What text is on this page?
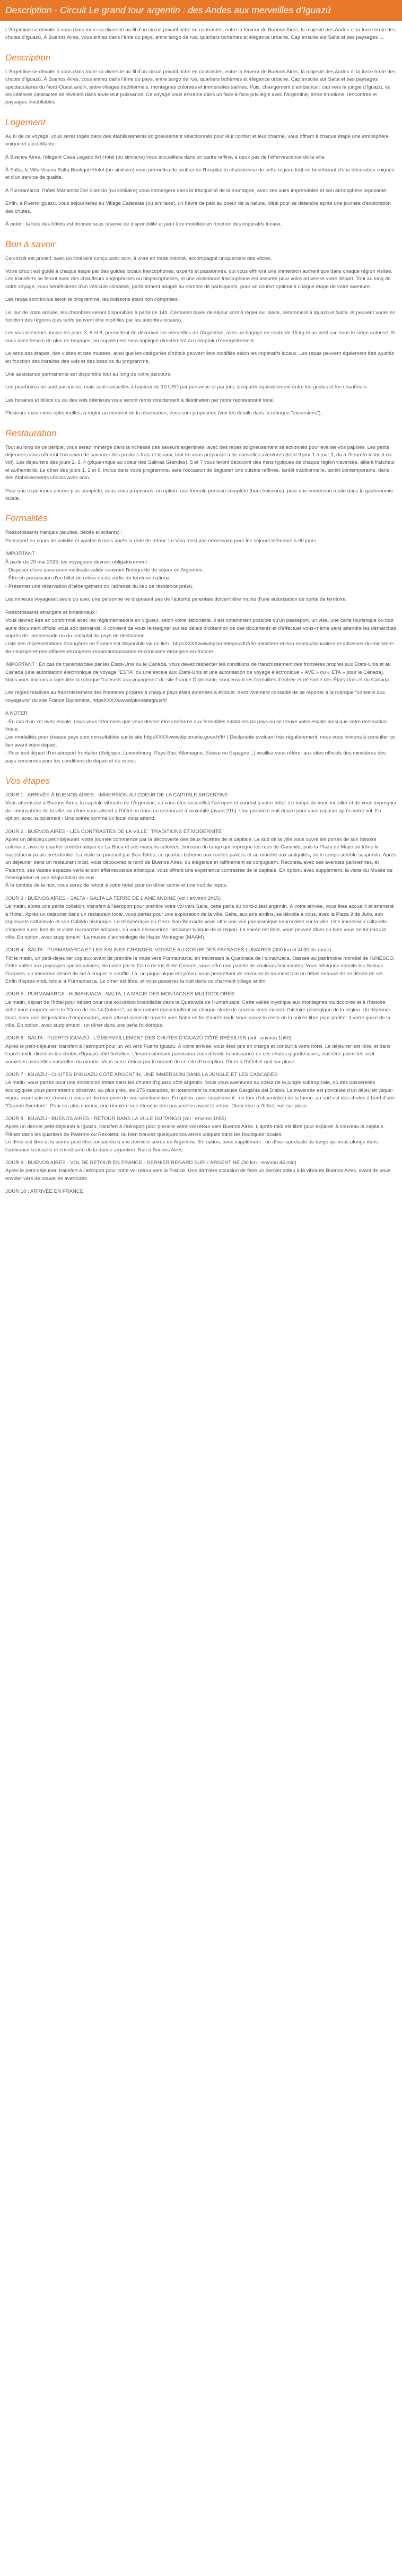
Description - Circuit Le grand tour argentin : des Andes aux merveilles d'Iguazú

L'Argentine se dévoile à vous dans toute sa diversité au fil d'un circuit privatif riche en contrastes, entre la ferveur de Buenos Aires, la majesté des Andes et la force brute des chutes d'Iguazú. À Buenos Aires, vous entrez dans l'âme du pays, entre tango de rue, quartiers bohèmes et élégance urbaine. Cap ensuite sur Salta et ses paysages ...

Description

L'Argentine se dévoile à vous dans toute sa diversité au fil d'un circuit privatif riche en contrastes, entre la ferveur de Buenos Aires, la majesté des Andes et la force brute des chutes d'Iguazú. À Buenos Aires, vous entrez dans l'âme du pays, entre tango de rue, quartiers bohèmes et élégance urbaine. Cap ensuite sur Salta et ses paysages spectaculaires du Nord-Ouest andin, entre villages traditionnels, montagnes colorées et immensités salines. Puis, changement d'ambiance : cap vers la jungle d'Iguazú, où les célèbres cataractes se révèlent dans toute leur puissance. Ce voyage vous entraîne dans un face-à-face privilégié avec l'Argentine, entre émotions, rencontres et paysages inoubliables.

Logement

Au fil de ce voyage, vous serez logés dans des établissements soigneusement sélectionnés pour leur confort et leur charme, vous offrant à chaque étape une atmosphère unique et accueillante.

À Buenos Aires, l'élégant Casa Legado Art Hotel (ou similaire) vous accueillera dans un cadre raffiné, à deux pas de l'effervescence de la ville.

À Salta, le Villa Vicuna Salta Boutique Hotel (ou similaire) vous permettra de profiter de l'hospitalité chaleureuse de cette région, tout en bénéficiant d'une décoration soignée et d'un service de qualité.

À Purmamarca, l'hôtel Manantial Del Silencio (ou similaire) vous immergera dans la tranquillité de la montagne, avec ses vues imprenables et son atmosphère reposante.

Enfin, à Puerto Iguazú, vous séjournerez au Village Cataratas (ou similaire), un havre de paix au coeur de la nature, idéal pour se détendre après une journée d'exploration des chutes.

À noter : la liste des hôtels est donnée sous réserve de disponibilité et peut être modifiée en fonction des impératifs locaux.

Bon à savoir

Ce circuit est privatif, avec un itinéraire conçu avec soin, à vivre en toute intimité, accompagné uniquement des vôtres.

Votre circuit est guidé à chaque étape par des guides locaux francophones, experts et passionnés, qui vous offriront une immersion authentique dans chaque région visitée. Les transferts se feront avec des chauffeurs anglophones ou hispanophones, et une assistance francophone est assurée pour votre arrivée et votre départ. Tout au long de votre voyage, vous bénéficierez d'un véhicule climatisé, parfaitement adapté au nombre de participants, pour un confort optimal à chaque étape de votre aventure.

Les repas sont inclus selon le programme, les boissons étant non comprises.

Le jour de votre arrivée, les chambres seront disponibles à partir de 14h. Certaines taxes de séjour sont à régler sur place, notamment à Iguazú et Salta, et peuvent varier en fonction des régions (ces tarifs peuvent être modifiés par les autorités locales).

Les vols intérieurs, inclus les jours 3, 6 et 8, permettent de découvrir les merveilles de l'Argentine, avec un bagage en soute de 15 kg et un petit sac sous le siège autorisé. Si vous avez besoin de plus de bagages, un supplément sera appliqué directement au comptoir d'enregistrement.

Le sens des étapes, des visites et des musées, ainsi que les catégories d'hôtels peuvent être modifiés selon les impératifs locaux. Les repas peuvent également être ajustés en fonction des horaires des vols et des besoins du programme.

Une assistance permanente est disponible tout au long de votre parcours.

Les pourboires ne sont pas inclus, mais sont conseillés à hauteur de 10 USD par personne et par jour, à répartir équitablement entre les guides et les chauffeurs.

Les horaires et billets du ou des vols intérieurs vous seront remis directement à destination par notre représentant local.

Plusieurs excursions optionnelles, à régler au moment de la réservation, vous sont proposées (voir les détails dans la rubrique "excursions").

Restauration

Tout au long de ce périple, vous serez immergé dans la richesse des saveurs argentines, avec des repas soigneusement sélectionnés pour éveiller vos papilles. Les petits déjeuners vous offriront l'occasion de savourer des produits frais et locaux, tout en vous préparant à de nouvelles aventures (total 9 jour 1 à jour 3, du à l'heure/à-instinct du vol). Les déjeuners des jours 2, 3, 4 (pique-nique au coeur des Salinas Grandes), 5 et 7 vous feront découvrir des mets typiques de chaque région traversée, alliant fraîcheur et authenticité. Le dîner des jours 1, 2 et 6, inclus dans votre programme, sera l'occasion de déguster une cuisine raffinée, tantôt traditionnelle, tantôt contemporaine, dans des établissements choisis avec soin.

Pour une expérience encore plus complète, nous vous proposons, en option, une formule pension complète (hors boissons), pour une immersion totale dans la gastronomie locale.

Formalités

Ressortissants français (adultes, bébés et enfants) :

Passeport en cours de validité et valable 6 mois après la date de retour. Le Visa n'est pas nécessaire pour les séjours inférieurs à 90 jours.

IMPORTANT

À partir du 29 mai 2025, les voyageurs devront obligatoirement :

- Disposer d'une assurance médicale valide couvrant l'intégralité du séjour en Argentine.

- Être en possession d'un billet de retour ou de sortie du territoire national.

- Présenter une réservation d'hébergement ou l'adresse du lieu de résidence prévu.

Les mineurs voyageant seuls ou avec une personne ne disposant pas de l'autorité parentale doivent être munis d'une autorisation de sortie de territoire.

Ressortissants étrangers et binationaux :

Vous devrez être en conformité avec les réglementations en vigueur, selon votre nationalité. Il est notamment possible qu'un passeport, un visa, une carte touristique ou tout autre document officiel vous soit demandé. Il convient de vous renseigner sur les délais d'obtention de ces documents et d'effectuer vous-même sans attendre les démarches auprès de l'ambassade ou du consulat du pays de destination.

Liste des représentations étrangères en France est disponible via ce lien : httpsXXXXwwwdiplomatiegouvfr/fr/le-ministere-et-son-reseau/annuaires-et-adresses-du-ministere-de-l-europe-et-des-affaires-etrangeres-meae/ambassades-et-consulats-etrangers-en-france/

IMPORTANT : En cas de transit/escale par les États-Unis ou le Canada, vous devez respecter les conditions de franchissement des frontières propres aux États-Unis et au Canada (une autorisation électronique de voyage "ESTA" ou une escale aux Etats-Unis et une autorisation de voyage électronique « AVE » ou « ETA » pour le Canada). Nous vous invitons à consulter la rubrique "conseils aux voyageurs" du site France Diplomatie, concernant les formalités d'entrée et de sortie des États-Unis et du Canada.

Les règles relatives au franchissement des frontières propres à chaque pays étant amenées à évoluer, il est vivement conseillé de se reporter à la rubrique "conseils aux voyageurs" du site France Diplomatie, httpsXXXXwwwdiplomatiegouvfr/

A NOTER

- En cas d'un vol avec escale, nous vous informons que vous devrez être conforme aux formalités sanitaires du pays où se trouve votre escale ainsi que votre destination finale.

Les modalités pour chaque pays sont consultables sur le site httpsXXXXwwwdiplomatie.gouv.fr/fr/ ( Declarable évoluant très régulièrement, nous vous invitons à consulter ce lien avant votre départ.

- Pour tout départ d'un aéroport frontalier (Belgique, Luxembourg, Pays-Bas, Allemagne, Suisse ou Espagne...) veuillez vous référer aux sites officiels des ministères des pays concernés pour les conditions de départ et de retour.

Vos étapes

JOUR 1 : ARRIVÉE À BUENOS AIRES - IMMERSION AU COEUR DE LA CAPITALE ARGENTINE

Vous atterrissez à Buenos Aires, la capitale vibrante de l'Argentine, où vous êtes accueilli à l'aéroport et conduit à votre hôtel. Le temps de vous installer et de vous imprégner de l'atmosphère de la ville, un dîner vous attend à l'hôtel ou dans un restaurant à proximité (avant 21h). Une première nuit douce pour vous reposer après votre vol. En option, avec supplément : Une soirée comme un local vous attend.

JOUR 2 : BUENOS AIRES - LES CONTRASTES DE LA VILLE : TRADITIONS ET MODERNITÉ

Après un délicieux petit-déjeuner, votre journée commence par la découverte des deux facettes de la capitale. Le sud de la ville vous ouvre les portes de son histoire coloniale, avec le quartier emblématique de La Boca et ses maisons colorées, berceau du tango qui imprègne les rues de Caminito, puis la Plaza de Mayo où trône le majestueux palais présidentiel. La visite se poursuit par San Telmo, ce quartier bohème aux ruelles pavées et au marché aux antiquités, où le temps semble suspendu. Après un déjeuner dans un restaurant local, vous découvrez le nord de Buenos Aires, où élégance et raffinement se conjuguent. Recoleta, avec ses avenues parisiennes, et Palermo, ses vastes espaces verts et son effervescence artistique, vous offrent une expérience contrastée de la capitale. En option, avec supplément, la visite du Musée de l'immigration et une dégustation de vins.
À la tombée de la nuit, vous serez de retour à votre hôtel pour un dîner calme et une nuit de repos.

JOUR 3 : BUENOS AIRES - SALTA - SALTA LA TERRE DE L'AME ANDINE (vol : environ 2h15)

Le matin, après une petite collation, transfert à l'aéroport pour prendre votre vol vers Salta, cette perle du nord-ouest argentin. À votre arrivée, vous êtes accueilli et emmené à l'hôtel. Après un déjeuner dans un restaurant local, vous partez pour une exploration de la ville. Salta, aux airs andins, se dévoile à vous, avec la Plaza 9 de Julio, son imposante cathédrale et son Cabildo historique. Le téléphérique du Cerro San Bernardo vous offre une vue panoramique imprenable sur la ville. Une immersion culturelle s'impose aussi lors de la visite du marché artisanal, où vous découvrirez l'artisanat typique de la région. La soirée est libre, vous pouvez dîner ou bien vous sentir dans la ville. En option, avec supplément : La musée d'archéologie de Haute Montagne (MAAM).

JOUR 4 : SALTA - PURMAMARCA ET LES SALINES GRANDES, VOYAGE AU COEUR DES PAYSAGES LUNAIRES (300 km et 4h30 de route)

Tôt le matin, un petit-déjeuner copieux avant de prendre la route vers Purmamarca, en traversant la Quebrada de Humahuaca, classée au patrimoine mondial de l'UNESCO. Cette vallée aux paysages spectaculaires, dominée par le Cerro de los Siete Colores, vous offre une palette de couleurs fascinantes. Vous atteignez ensuite les Salinas Grandes, un immense désert de sel à couper le souffle. Là, un pique-nique est prévu, vous permettant de savourer le moment tout en détail entouré de ce désert de sel. Enfin d'après-midi, retour à Purmamarca. Le dîner est libre, et vous passerez la nuit dans ce charmant village andin.

JOUR 5 : PURMAMARCA - HUMAHUACA - SALTA, LA MAGIE DES MONTAGNES MULTICOLORES

Le matin, départ de l'hôtel pour départ pour une excursion inoubliable dans la Quebrada de Humahuaca. Cette vallée mystique aux montagnes multicolores et à l'histoire riche vous emporte vers le "Cerro de los 14 Colores", un lieu naturel époustouflant où chaque strate de couleur vous raconte l'histoire géologique de la région. Un déjeuner local, avec une dégustation d'empanadas, vous attend avant de repartir vers Salta en fin d'après-midi. Vous aurez le reste de la soirée libre pour profiter à votre guise de la ville. En option, avec supplément : un dîner dans une peña folklorique.

JOUR 6 : SALTA - PUERTO IGUAZÚ - L'ÉMERVEILLEMENT DES CHUTES D'IGUAZÚ CÔTÉ BRÉSILIEN (vol : environ 1h50)

Après le petit-déjeuner, transfert à l'aéroport pour un vol vers Puerto Iguazú. À votre arrivée, vous êtes pris en charge et conduit à votre hôtel. Le déjeuner est libre, et dans l'après-midi, direction les chutes d'Iguazú côté brésilien. L'impressionnant panorama vous dévoile la puissance de ces chutes gigantesques, classées parmi les sept nouvelles merveilles naturelles du monde. Vous serez ébloui par la beauté de ce site d'exception. Dîner à l'hôtel et nuit sur place.

JOUR 7 : IGUAZÚ - CHUTES D'IGUAZÚ CÔTÉ ARGENTIN, UNE IMMERSION DANS LA JUNGLE ET LES CASCADES

Le matin, vous partez pour une immersion totale dans les chutes d'Iguazú côté argentin. Vous vous aventurez au coeur de la jungle subtropicale, où des passerelles écologiques vous permettent d'observer, au plus près, les 275 cascades, et notamment la majestueuse Garganta del Diablo. La traversée est ponctuée d'un déjeuner pique-nique, avant que ne s'ouvre à vous un dernier point de vue spectaculaire. En option, avec supplément : un tour d'observation de la faune, au sud-est des chutes à bord d'une "Grande Aventure". Pour les plus curieux, une dernière vue étendue des passerelles avant le retour. Dîner libre à l'hôtel, nuit sur place.

JOUR 8 : IGUAZÚ - BUENOS AIRES - RETOUR DANS LA VILLE DU TANGO (vol : environ 1h55)

Après un dernier petit-déjeuner à Iguazú, transfert à l'aéroport pour prendre votre vol retour vers Buenos Aires. L'après-midi est libre pour explorer à nouveau la capitale. Flânez dans les quartiers de Palermo ou Recoleta, ou bien trouvez quelques souvenirs uniques dans les boutiques locales.
Le dîner est libre et la soirée peut être consacrée à une dernière soirée en Argentine. En option, avec supplément : un dîner-spectacle de tango qui vous plonge dans l'ambiance sensuelle et envoûtante de la danse argentine. Nuit à Buenos Aires.

JOUR 9 : BUENOS AIRES - VOL DE RETOUR EN FRANCE - DERNIER REGARD SUR L'ARGENTINE (30 km - environ 45 min)

Après le petit-déjeuner, transfert à l'aéroport pour votre vol retour vers la France. Une dernière occasion de faire un dernier adieu à la vibrante Buenos Aires, avant de vous envoler vers de nouvelles aventures.

JOUR 10 : ARRIVÉE EN FRANCE
